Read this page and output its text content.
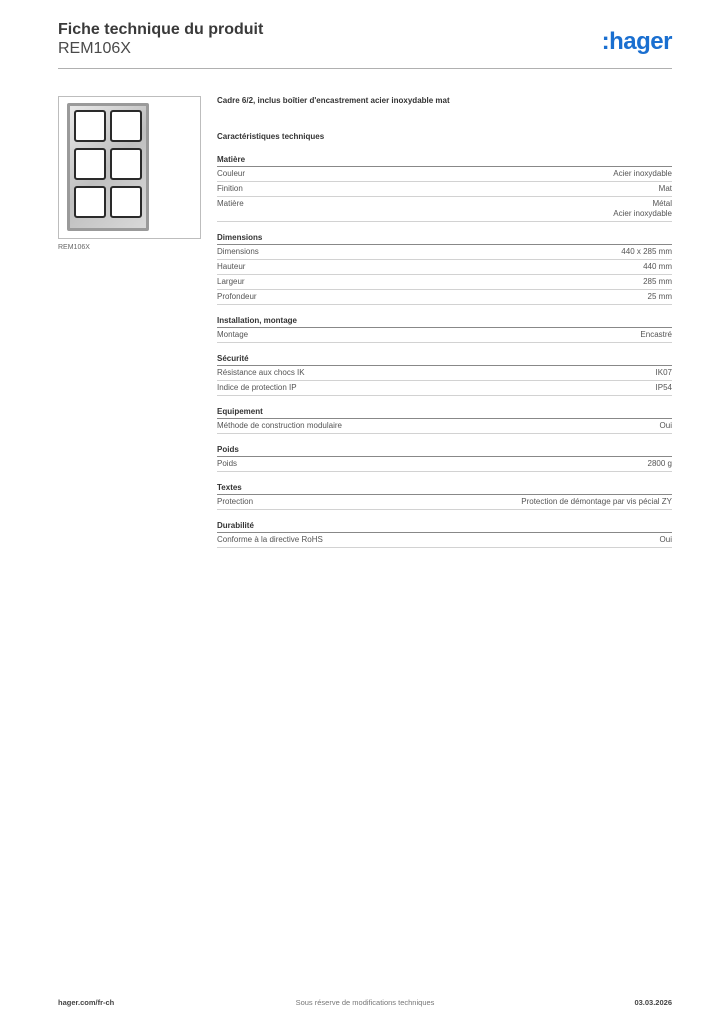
Fiche technique du produit
REM106X	:hager
REM106X
Cadre 6/2, inclus boîtier d'encastrement acier inoxydable mat
Caractéristiques techniques
Matière
Couleur	Acier inoxydable
Finition	Mat
Matière	Métal
Acier inoxydable
Dimensions
Dimensions	440 x 285 mm
Hauteur	440 mm
Largeur	285 mm
Profondeur	25 mm
Installation, montage
Montage	Encastré
Sécurité
Résistance aux chocs IK	IK07
Indice de protection IP	IP54
Equipement
Méthode de construction modulaire	Oui
Poids
Poids	2800 g
Textes
Protection	Protection de démontage par vis pécial ZY
Durabilité
Conforme à la directive RoHS	Oui
Sous réserve de modifications techniques
hager.com/fr-ch	03.03.2026
